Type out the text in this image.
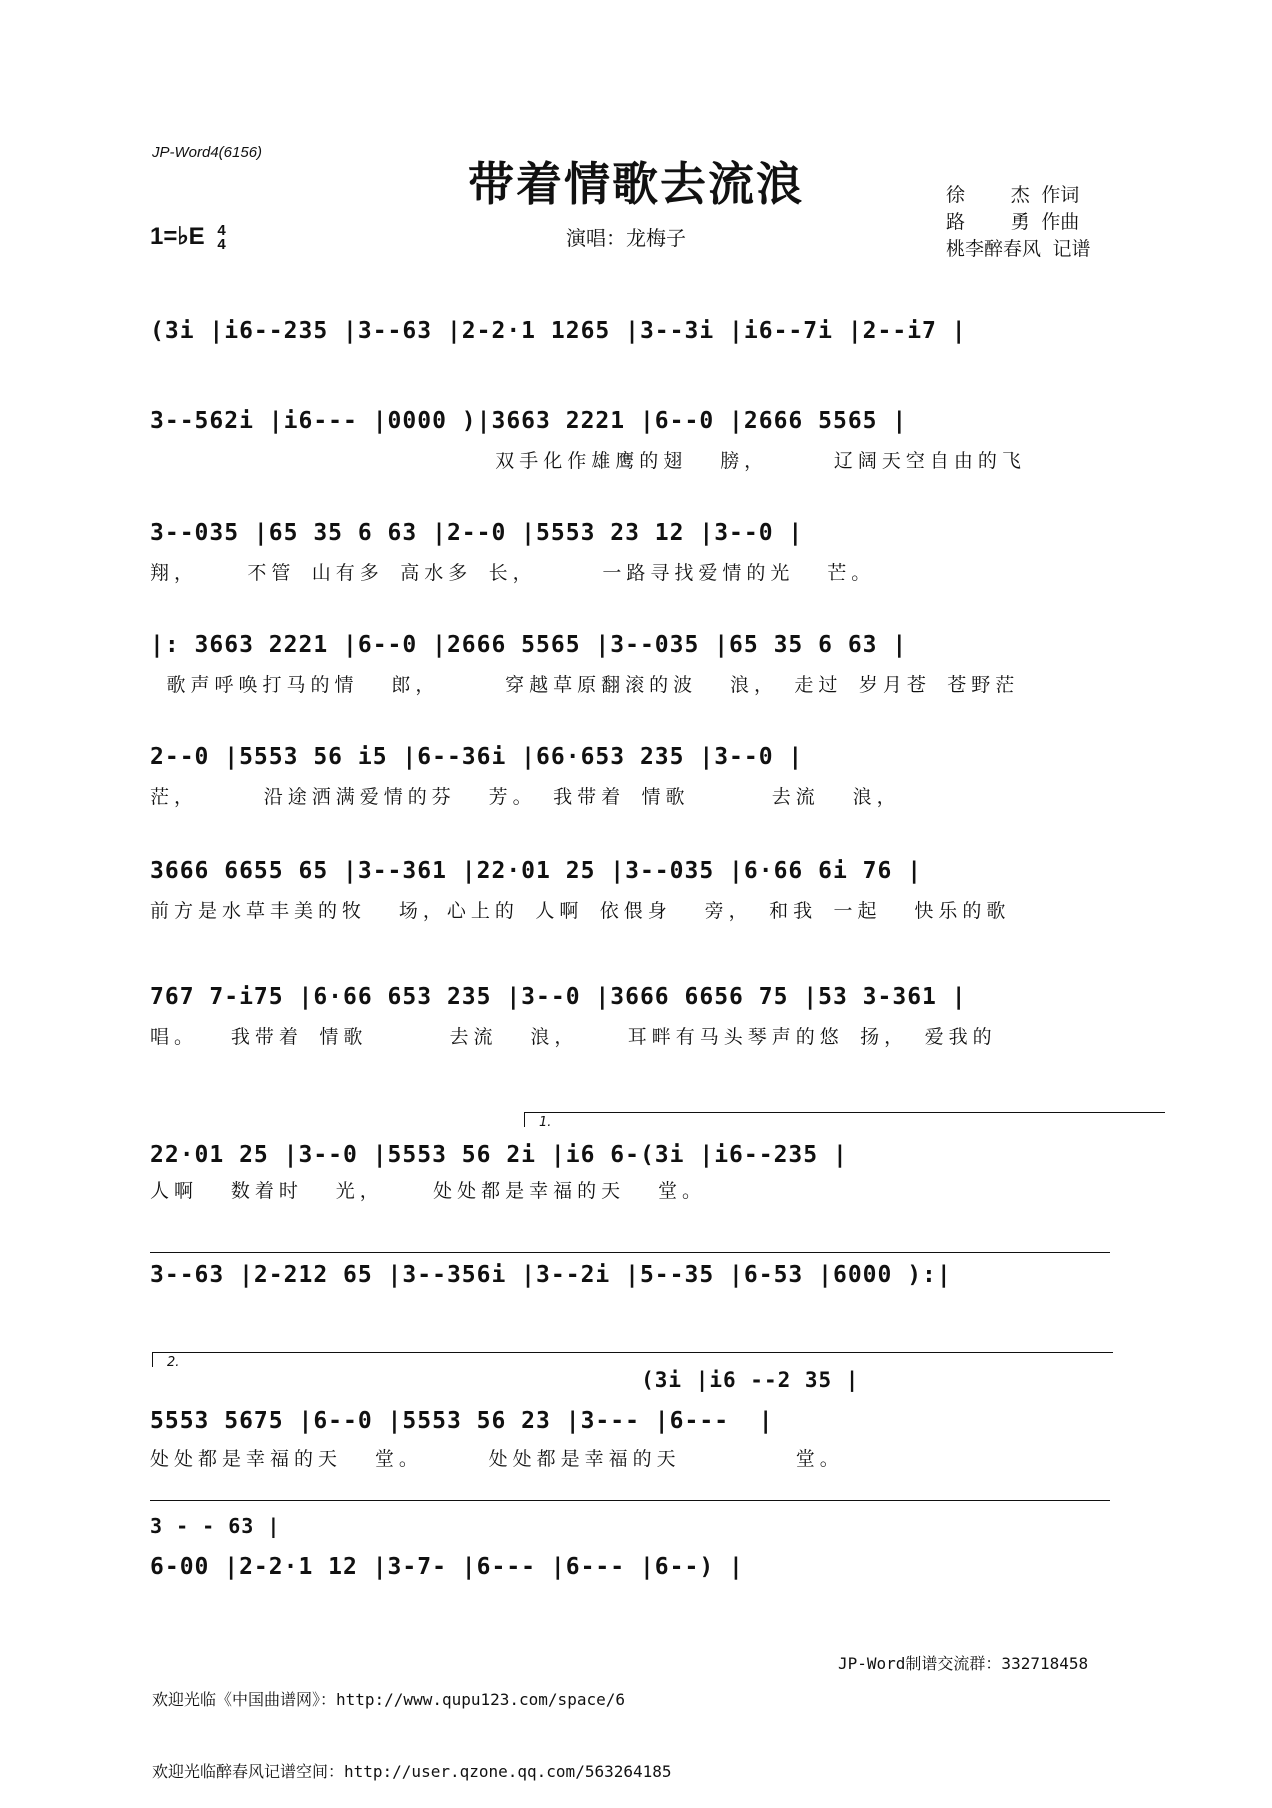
JP-Word4(6156)
带着情歌去流浪	徐    杰 作词
路    勇 作曲
桃李醉春风 记谱
1=♭E 4
4	演唱：龙梅子
(3i |i6--235 |3--63 |2-2·1 1265 |3--3i |i6--7i |2--i7 |
3--562i |i6--- |0000 )|3663 2221 |6--0 |2666 5565 |
双手化作雄鹰的翅  膀，    辽阔天空自由的飞
3--035 |65 35 6 63 |2--0 |5553 23 12 |3--0 |
翔，   不管 山有多 高水多 长，    一路寻找爱情的光  芒。
|: 3663 2221 |6--0 |2666 5565 |3--035 |65 35 6 63 |
歌声呼唤打马的情  郎，    穿越草原翻滚的波  浪， 走过 岁月苍 苍野茫
2--0 |5553 56 i5 |6--36i |66·653 235 |3--0 |
茫，    沿途洒满爱情的芬  芳。 我带着 情歌     去流  浪，
3666 6655 65 |3--361 |22·01 25 |3--035 |6·66 6i 76 |
前方是水草丰美的牧  场，心上的 人啊 依偎身  旁， 和我 一起  快乐的歌
767 7-i75 |6·66 653 235 |3--0 |3666 6656 75 |53 3-361 |
唱。  我带着 情歌     去流  浪，   耳畔有马头琴声的悠 扬， 爱我的
1.
22·01 25 |3--0 |5553 56 2i |i6 6-(3i |i6--235 |
人啊  数着时  光，   处处都是幸福的天  堂。
3--63 |2-212 65 |3--356i |3--2i |5--35 |6-53 |6000 ):|
2.
(3i |i6 --2 35 |
5553 5675 |6--0 |5553 56 23 |3--- |6---  |
处处都是幸福的天  堂。    处处都是幸福的天       堂。
3 - - 63 |
6-00 |2-2·1 12 |3-7- |6--- |6--- |6--) |

欢迎光临《中国曲谱网》：http://www.qupu123.com/space/6

欢迎光临醉春风记谱空间：http://user.qzone.qq.com/563264185

JP-Word制谱交流群：332718458
